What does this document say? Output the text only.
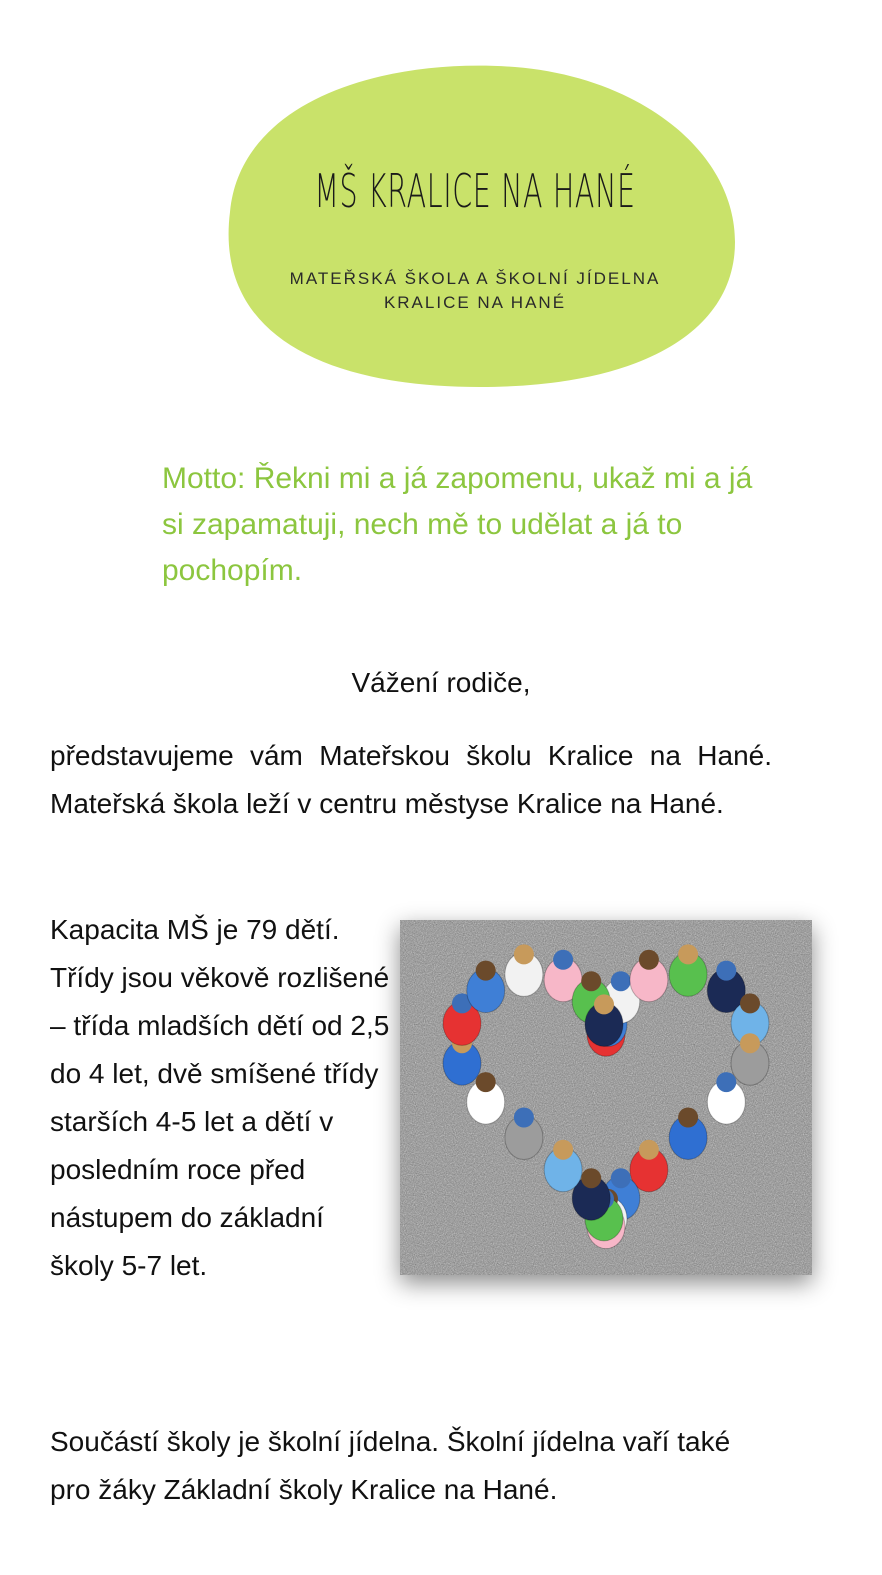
MŠ KRALICE NA HANÉ
MATEŘSKÁ ŠKOLA A ŠKOLNÍ JÍDELNA
KRALICE NA HANÉ
Motto: Řekni mi a já zapomenu, ukaž mi a já si zapamatuji, nech mě to udělat a já to pochopím.
Vážení rodiče,

představujeme vám Mateřskou školu Kralice na Hané. Mateřská škola leží v centru městyse Kralice na Hané.

Kapacita MŠ je 79 dětí. Třídy jsou věkově rozlišené – třída mladších dětí od 2,5 do 4 let, dvě smíšené třídy starších 4-5 let a dětí v posledním roce před nástupem do základní školy 5-7 let.

Součástí školy je školní jídelna. Školní jídelna vaří také pro žáky Základní školy Kralice na Hané.
